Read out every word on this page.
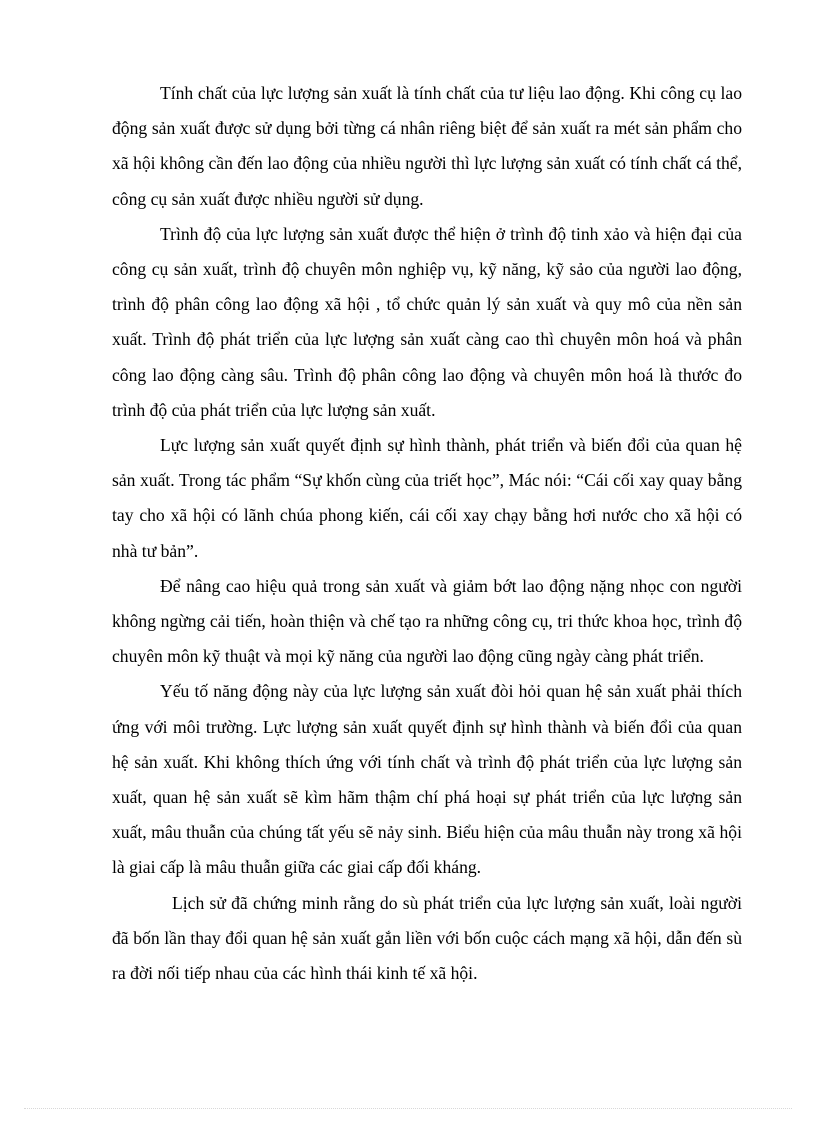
Tính chất của lực lượng sản xuất là tính chất của tư liệu lao động. Khi công cụ lao động sản xuất được sử dụng bởi từng cá nhân riêng biệt để sản xuất ra mét sản phẩm cho xã hội không cần đến lao động của nhiều người thì lực lượng sản xuất có tính chất cá thể, công cụ sản xuất được nhiều người sử dụng.

Trình độ của lực lượng sản xuất được thể hiện ở trình độ tinh xảo và hiện đại của công cụ sản xuất, trình độ chuyên môn nghiệp vụ, kỹ năng, kỹ sảo của người lao động, trình độ phân công lao động xã hội , tổ chức quản lý sản xuất và quy mô của nền sản xuất. Trình độ phát triển của lực lượng sản xuất càng cao thì chuyên môn hoá và phân công lao động càng sâu. Trình độ phân công lao động và chuyên môn hoá là thước đo trình độ của phát triển của lực lượng sản xuất.

Lực lượng sản xuất quyết định sự hình thành, phát triển và biến đổi của quan hệ sản xuất. Trong tác phẩm “Sự khốn cùng của triết học”, Mác nói: “Cái cối xay quay bằng tay cho xã hội có lãnh chúa phong kiến, cái cối xay chạy bằng hơi nước cho xã hội có nhà tư bản”.

Để nâng cao hiệu quả trong sản xuất và giảm bớt lao động nặng nhọc con người không ngừng cải tiến, hoàn thiện và chế tạo ra những công cụ, tri thức khoa học, trình độ chuyên môn kỹ thuật và mọi kỹ năng của người lao động cũng ngày càng phát triển.

Yếu tố năng động này của lực lượng sản xuất đòi hỏi quan hệ sản xuất phải thích ứng với môi trường. Lực lượng sản xuất quyết định sự hình thành và biến đổi của quan hệ sản xuất. Khi không thích ứng với tính chất và trình độ phát triển của lực lượng sản xuất, quan hệ sản xuất sẽ kìm hãm thậm chí phá hoại sự phát triển của lực lượng sản xuất, mâu thuẫn của chúng tất yếu sẽ nảy sinh. Biểu hiện của mâu thuẫn này trong xã hội là giai cấp là mâu thuẫn giữa các giai cấp đối kháng.

Lịch sử đã chứng minh rằng do sù phát triển của lực lượng sản xuất, loài người đã bốn lần thay đổi quan hệ sản xuất gắn liền với bốn cuộc cách mạng xã hội, dẫn đến sù ra đời nối tiếp nhau của các hình thái kinh tế xã hội.
